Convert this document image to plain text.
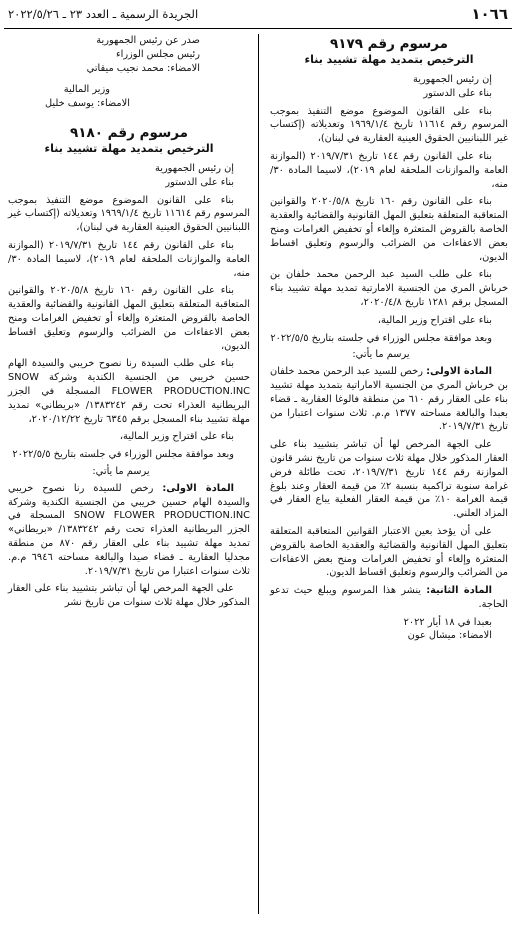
١٠٦٦
الجريدة الرسمية ـ العدد ٢٣ ـ ٢٠٢٢/٥/٢٦
مرسوم رقم ٩١٧٩
الترخيص بتمديد مهلة تشييد بناء

إن رئيس الجمهورية

بناء على الدستور

بناء على القانون الموضوع موضع التنفيذ بموجب المرسوم رقم ١١٦١٤ تاريخ ١٩٦٩/١/٤ وتعديلاته (إكتساب غير اللبنانيين الحقوق العينية العقارية في لبنان)،

بناء على القانون رقم ١٤٤ تاريخ ٢٠١٩/٧/٣١ (الموازنة العامة والموازنات الملحقة لعام ٢٠١٩)، لاسيما المادة ٣٠/ منه،

بناء على القانون رقم ١٦٠ تاريخ ٢٠٢٠/٥/٨ والقوانين المتعاقبة المتعلقة بتعليق المهل القانونية والقضائية والعقدية الخاصة بالقروض المتعثرة وإلغاء أو تخفيض الغرامات ومنح بعض الاعفاءات من الضرائب والرسوم وتعليق اقساط الديون،

بناء على طلب السيد عبد الرحمن محمد خلفان بن خرباش المري من الجنسية الامارتية تمديد مهلة تشييد بناء المسجل برقم ١٢٨١ تاريخ ٢٠٢٠/٤/٨،

بناء على اقتراح وزير المالية،

وبعد موافقة مجلس الوزراء في جلسته بتاريخ ٢٠٢٢/٥/٥

يرسم ما يأتي:

المادة الاولى: رخص للسيد عبد الرحمن محمد خلفان بن خرباش المري من الجنسية الاماراتية بتمديد مهلة تشييد بناء على العقار رقم ٦١٠ من منطقة فالوغا العقارية ـ قضاء بعبدا والبالغة مساحته ١٣٧٧ م.م. ثلاث سنوات اعتبارا من تاريخ ٢٠١٩/٧/٣١.

على الجهة المرخص لها أن تباشر بتشييد بناء على العقار المذكور خلال مهلة ثلاث سنوات من تاريخ نشر قانون الموازنة رقم ١٤٤ تاريخ ٢٠١٩/٧/٣١، تحت طائلة فرض غرامة سنوية تراكمية بنسبة ٢٪ من قيمة العقار وعند بلوغ قيمة الغرامة ١٠٪ من قيمة العقار الفعلية يباع العقار في المزاد العلني.

على أن يؤخذ بعين الاعتبار القوانين المتعاقبة المتعلقة بتعليق المهل القانونية والقضائية والعقدية الخاصة بالقروض المتعثرة وإلغاء أو تخفيض الغرامات ومنح بعض الاعفاءات من الضرائب والرسوم وتعليق اقساط الديون.

المادة الثانية: ينشر هذا المرسوم ويبلغ حيث تدعو الحاجة.

بعبدا في ١٨ أيار ٢٠٢٢

الامضاء: ميشال عون

صدر عن رئيس الجمهورية

رئيس مجلس الوزراء

الامضاء: محمد نجيب ميقاتي

وزير المالية

الامضاء: يوسف خليل

مرسوم رقم ٩١٨٠
الترخيص بتمديد مهلة تشييد بناء

إن رئيس الجمهورية

بناء على الدستور

بناء على القانون الموضوع موضع التنفيذ بموجب المرسوم رقم ١١٦١٤ تاريخ ١٩٦٩/١/٤ وتعديلاته (إكتساب غير اللبنانيين الحقوق العينية العقارية في لبنان)،

بناء على القانون رقم ١٤٤ تاريخ ٢٠١٩/٧/٣١ (الموازنة العامة والموازنات الملحقة لعام ٢٠١٩)، لاسيما المادة ٣٠/ منه،

بناء على القانون رقم ١٦٠ تاريخ ٢٠٢٠/٥/٨ والقوانين المتعاقبة المتعلقة بتعليق المهل القانونية والقضائية والعقدية الخاصة بالقروض المتعثرة وإلغاء أو تخفيض الغرامات ومنح بعض الاعفاءات من الضرائب والرسوم وتعليق اقساط الديون،

بناء على طلب السيدة رنا نصوح خريبي والسيدة الهام حسين خريبي من الجنسية الكندية وشركة SNOW FLOWER PRODUCTION.INC المسجلة في الجزر البريطانية العذراء تحت رقم ١٣٨٣٢٤٢/ «بريطاني» تمديد مهلة تشييد بناء المسجل برقم ٦٣٤٥ تاريخ ٢٠٢٠/١٢/٢٢،

بناء على اقتراح وزير المالية،

وبعد موافقة مجلس الوزراء في جلسته بتاريخ ٢٠٢٢/٥/٥

يرسم ما يأتي:

المادة الاولى: رخص للسيدة رنا نصوح خريبي والسيدة الهام حسين خريبي من الجنسية الكندية وشركة SNOW FLOWER PRODUCTION.INC المسجلة في الجزر البريطانية العذراء تحت رقم ١٣٨٣٢٤٢/ «بريطاني» تمديد مهلة تشييد بناء على العقار رقم ٨٧٠ من منطقة مجدليا العقارية ـ قضاء صيدا والبالغة مساحته ٦٩٤٦ م.م. ثلاث سنوات اعتبارا من تاريخ ٢٠١٩/٧/٣١.

على الجهة المرخص لها أن تباشر بتشييد بناء على العقار المذكور خلال مهلة ثلاث سنوات من تاريخ نشر
